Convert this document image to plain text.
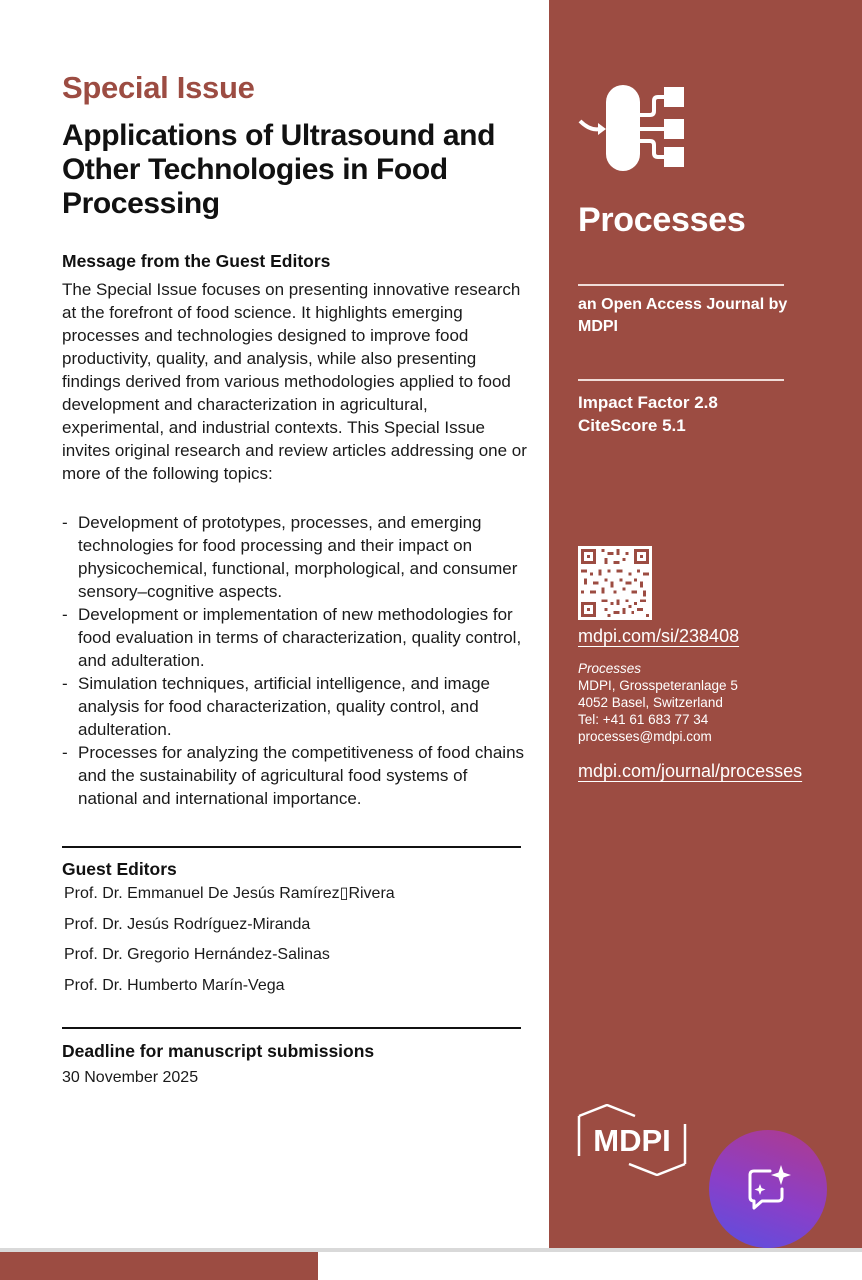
Special Issue
Applications of Ultrasound and Other Technologies in Food Processing
Message from the Guest Editors

The Special Issue focuses on presenting innovative research at the forefront of food science. It highlights emerging processes and technologies designed to improve food productivity, quality, and analysis, while also presenting findings derived from various methodologies applied to food development and characterization in agricultural, experimental, and industrial contexts. This Special Issue invites original research and review articles addressing one or more of the following topics:

- Development of prototypes, processes, and emerging technologies for food processing and their impact on physicochemical, functional, morphological, and consumer sensory–cognitive aspects.
- Development or implementation of new methodologies for food evaluation in terms of characterization, quality control, and adulteration.
- Simulation techniques, artificial intelligence, and image analysis for food characterization, quality control, and adulteration.
- Processes for analyzing the competitiveness of food chains and the sustainability of agricultural food systems of national and international importance.
Guest Editors
Prof. Dr. Emmanuel De Jesús Ramírez▯Rivera
Prof. Dr. Jesús Rodríguez-Miranda
Prof. Dr. Gregorio Hernández-Salinas
Prof. Dr. Humberto Marín-Vega
Deadline for manuscript submissions
30 November 2025
Processes
an Open Access Journal by MDPI
Impact Factor 2.8
CiteScore 5.1
mdpi.com/si/238408
Processes
MDPI, Grosspeteranlage 5
4052 Basel, Switzerland
Tel: +41 61 683 77 34
processes@mdpi.com
mdpi.com/journal/processes
MDPI
